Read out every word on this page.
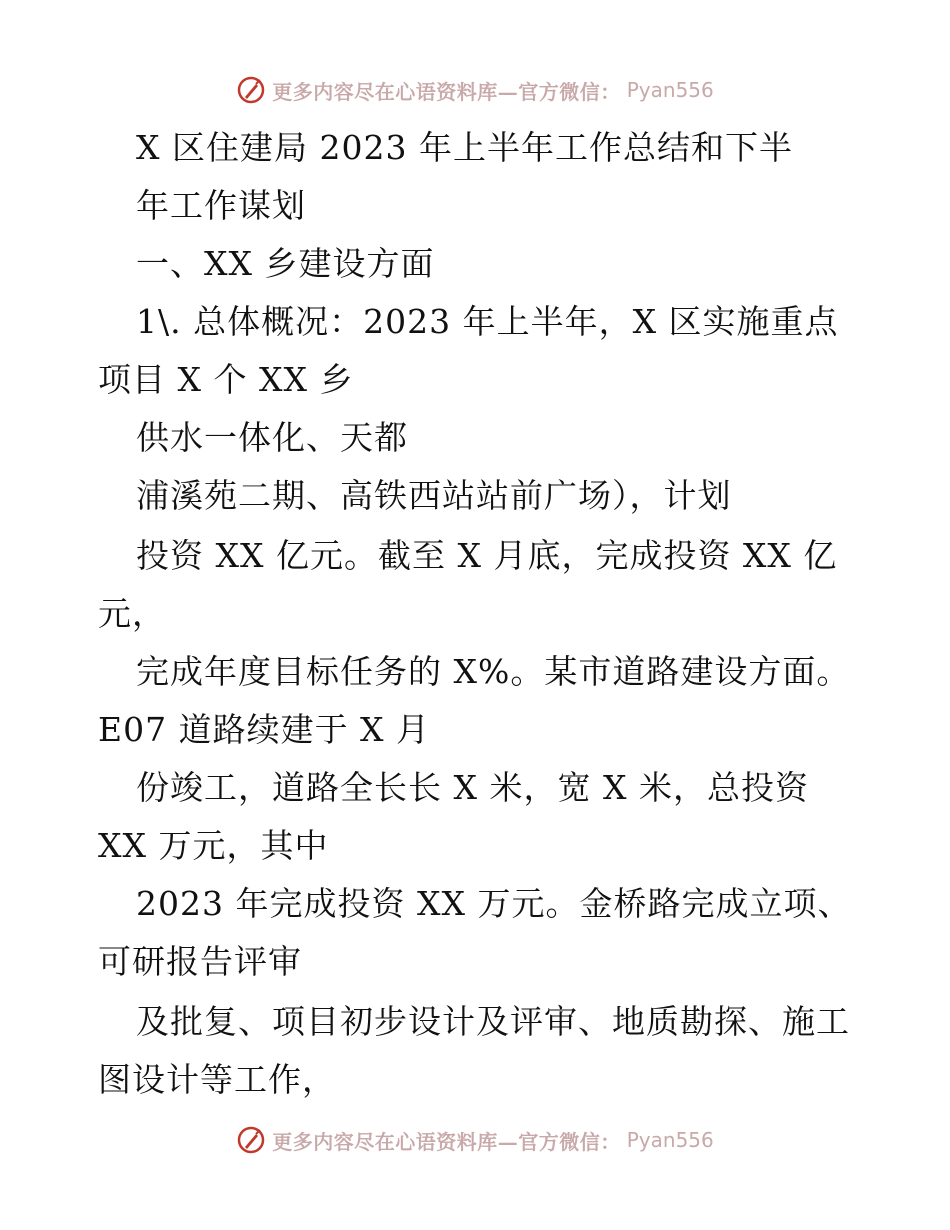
更多内容尽在心语资料库—官方微信： Pyan556
X 区住建局 2023 年上半年工作总结和下半
年工作谋划
一、XX 乡建设方面
1\. 总体概况：2023 年上半年，X 区实施重点
项目 X 个 XX 乡
供水一体化、天都
浦溪苑二期、高铁西站站前广场），计划
投资 XX 亿元。截至 X 月底，完成投资 XX 亿
元，
完成年度目标任务的 X%。某市道路建设方面。
E07 道路续建于 X 月
份竣工，道路全长长 X 米，宽 X 米，总投资
XX 万元，其中
2023 年完成投资 XX 万元。金桥路完成立项、
可研报告评审
及批复、项目初步设计及评审、地质勘探、施工
图设计等工作，
更多内容尽在心语资料库—官方微信： Pyan556
